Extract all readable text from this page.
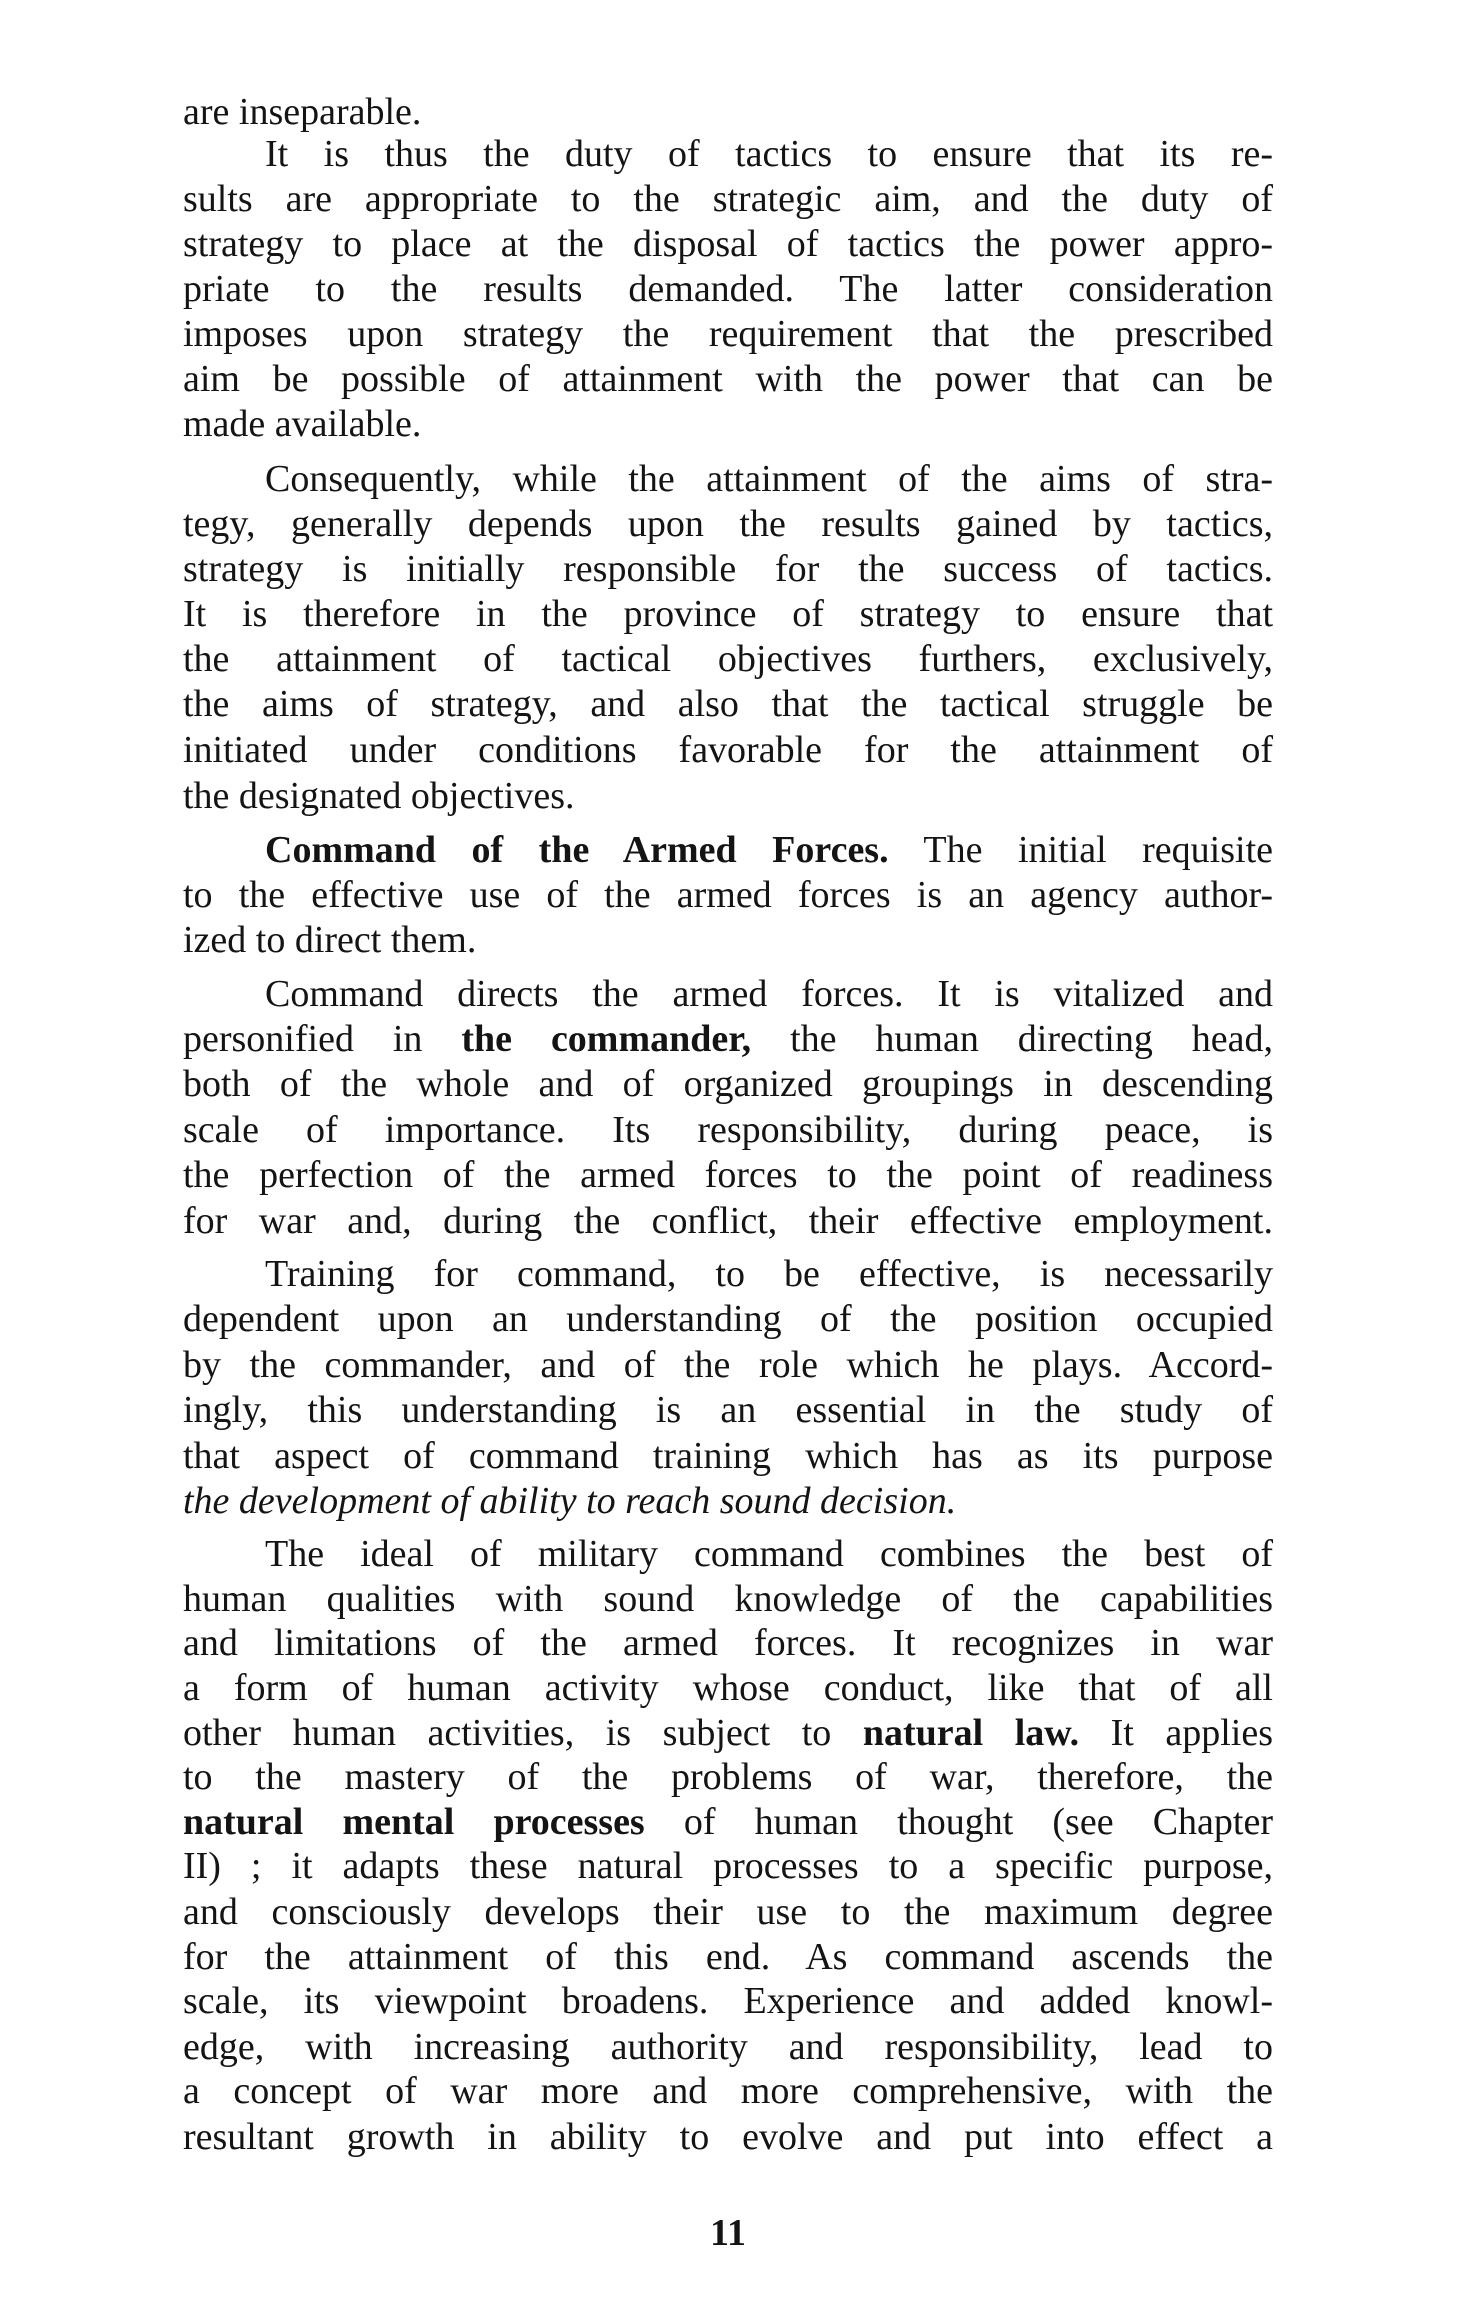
are inseparable.
It is thus the duty of tactics to ensure that its re-
sults are appropriate to the strategic aim, and the duty of
strategy to place at the disposal of tactics the power appro-
priate to the results demanded. The latter consideration
imposes upon strategy the requirement that the prescribed
aim be possible of attainment with the power that can be
made available.
Consequently, while the attainment of the aims of stra-
tegy, generally depends upon the results gained by tactics,
strategy is initially responsible for the success of tactics.
It is therefore in the province of strategy to ensure that
the attainment of tactical objectives furthers, exclusively,
the aims of strategy, and also that the tactical struggle be
initiated under conditions favorable for the attainment of
the designated objectives.
Command of the Armed Forces. The initial requisite
to the effective use of the armed forces is an agency author-
ized to direct them.
Command directs the armed forces. It is vitalized and
personified in the commander, the human directing head,
both of the whole and of organized groupings in descending
scale of importance. Its responsibility, during peace, is
the perfection of the armed forces to the point of readiness
for war and, during the conflict, their effective employment.
Training for command, to be effective, is necessarily
dependent upon an understanding of the position occupied
by the commander, and of the role which he plays. Accord-
ingly, this understanding is an essential in the study of
that aspect of command training which has as its purpose
the development of ability to reach sound decision.
The ideal of military command combines the best of
human qualities with sound knowledge of the capabilities
and limitations of the armed forces. It recognizes in war
a form of human activity whose conduct, like that of all
other human activities, is subject to natural law. It applies
to the mastery of the problems of war, therefore, the
natural mental processes of human thought (see Chapter
II) ; it adapts these natural processes to a specific purpose,
and consciously develops their use to the maximum degree
for the attainment of this end. As command ascends the
scale, its viewpoint broadens. Experience and added knowl-
edge, with increasing authority and responsibility, lead to
a concept of war more and more comprehensive, with the
resultant growth in ability to evolve and put into effect a
11
